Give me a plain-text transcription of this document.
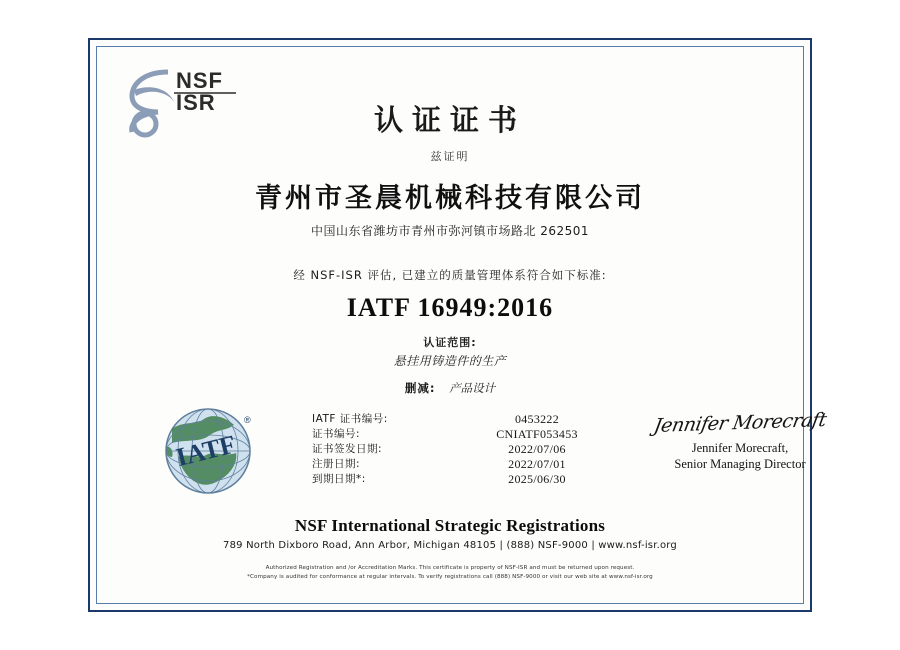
NSF
ISR
IATF
®
认证证书
兹证明
青州市圣晨机械科技有限公司
中国山东省潍坊市青州市弥河镇市场路北 262501
经 NSF-ISR 评估, 已建立的质量管理体系符合如下标准:
IATF 16949:2016
认证范围:
悬挂用铸造件的生产
删减: 产品设计
IATF 证书编号:	0453222
证书编号:	CNIATF053453
证书签发日期:	2022/07/06
注册日期:	2022/07/01
到期日期*:	2025/06/30
Jennifer Morecraft
Jennifer Morecraft,
Senior Managing Director
NSF International Strategic Registrations
789 North Dixboro Road, Ann Arbor, Michigan 48105 | (888) NSF-9000 | www.nsf-isr.org
Authorized Registration and /or Accreditation Marks. This certificate is property of NSF-ISR and must be returned upon request.
*Company is audited for conformance at regular intervals. To verify registrations call (888) NSF-9000 or visit our web site at www.nsf-isr.org
